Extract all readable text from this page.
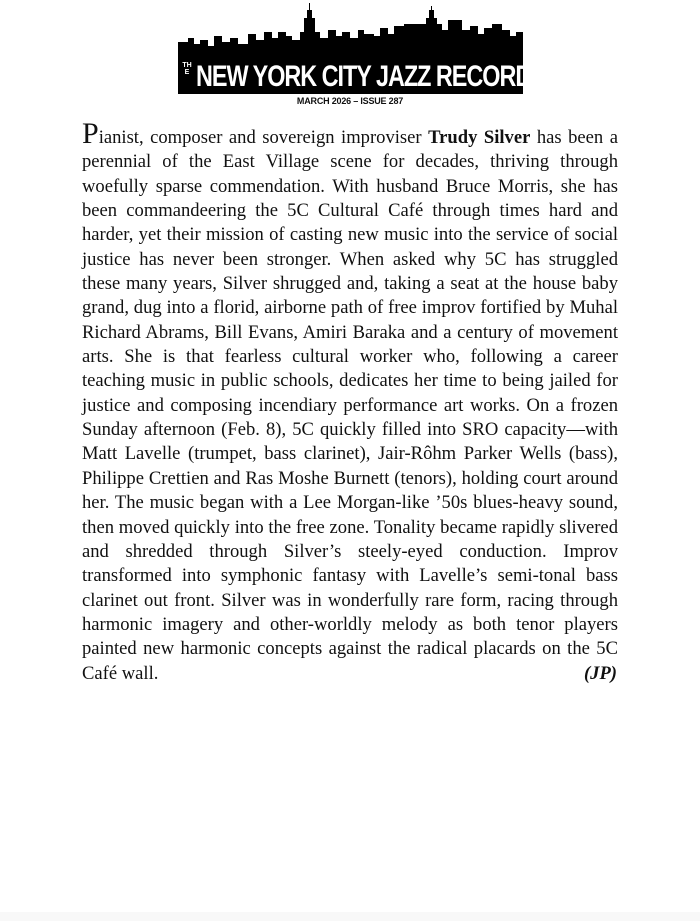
THE NEW YORK CITY JAZZ RECORD
MARCH 2026 – ISSUE 287
Pianist, composer and sovereign improviser Trudy Silver has been a perennial of the East Village scene for decades, thriving through woefully sparse commendation. With husband Bruce Morris, she has been commandeering the 5C Cultural Café through times hard and harder, yet their mission of casting new music into the service of social justice has never been stronger. When asked why 5C has struggled these many years, Silver shrugged and, taking a seat at the house baby grand, dug into a florid, airborne path of free improv fortified by Muhal Richard Abrams, Bill Evans, Amiri Baraka and a century of movement arts. She is that fearless cultural worker who, following a career teaching music in public schools, dedicates her time to being jailed for justice and composing incendiary performance art works. On a frozen Sunday afternoon (Feb. 8), 5C quickly filled into SRO capacity—with Matt Lavelle (trumpet, bass clarinet), Jair-Rôhm Parker Wells (bass), Philippe Crettien and Ras Moshe Burnett (tenors), holding court around her. The music began with a Lee Morgan-like ’50s blues-heavy sound, then moved quickly into the free zone. Tonality became rapidly slivered and shredded through Silver’s steely-eyed conduction. Improv transformed into symphonic fantasy with Lavelle’s semi-tonal bass clarinet out front. Silver was in wonderfully rare form, racing through harmonic imagery and other-worldly melody as both tenor players painted new harmonic concepts against the radical placards on the 5C Café wall.	(JP)
